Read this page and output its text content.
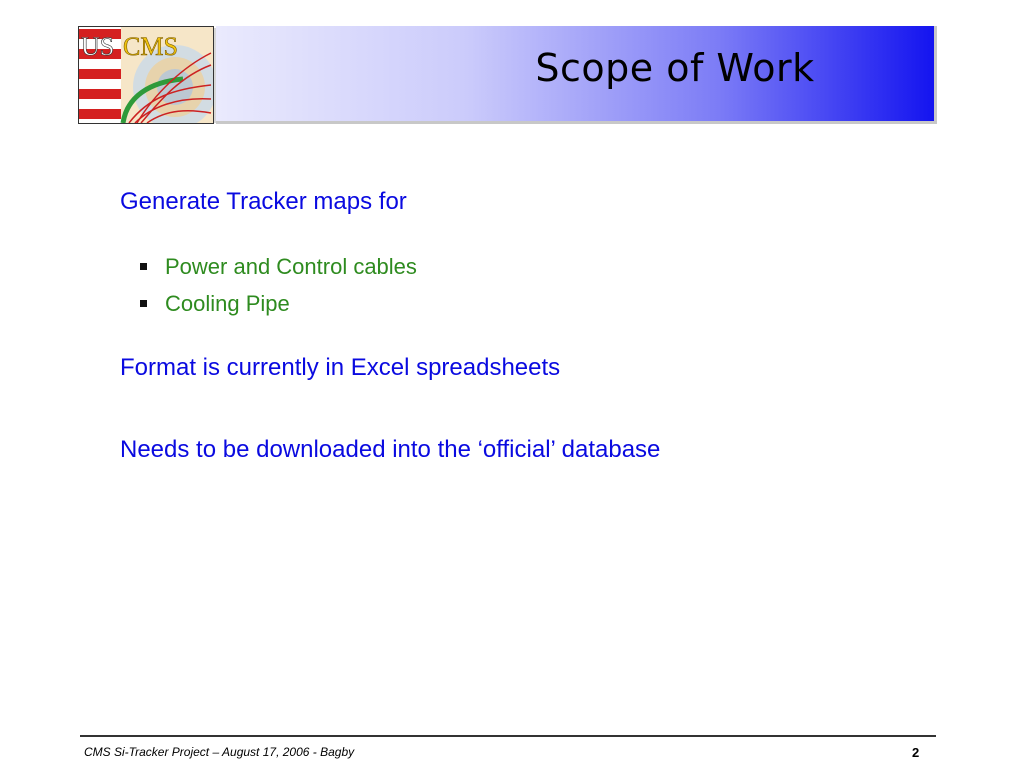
US CMS	Scope of Work

Generate Tracker maps for

Power and Control cables
Cooling Pipe

Format is currently in Excel spreadsheets

Needs to be downloaded into the ‘official’ database

CMS Si-Tracker Project – August 17, 2006 - Bagby	2
